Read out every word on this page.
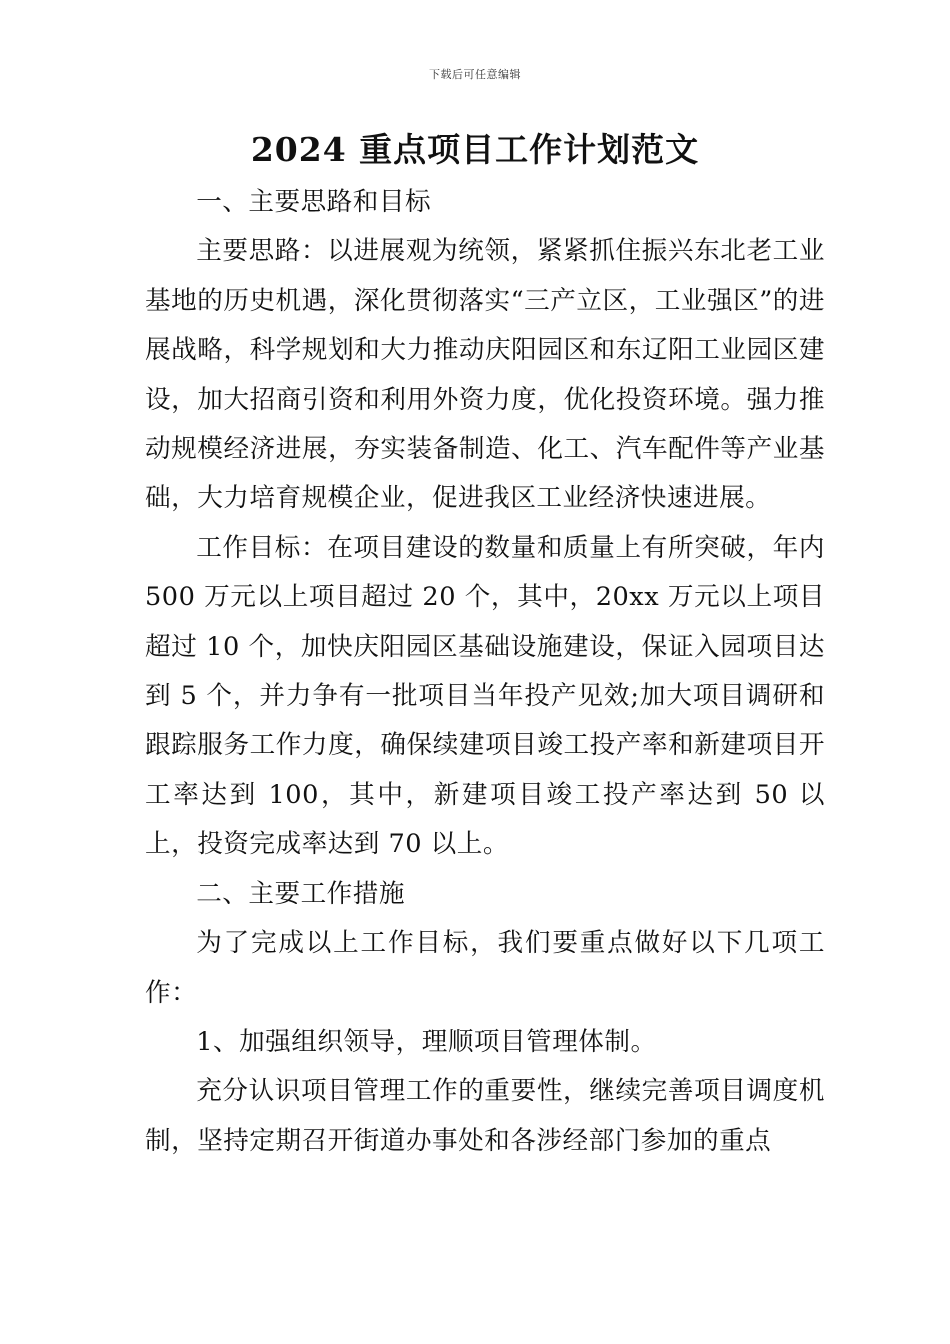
下载后可任意编辑
2024 重点项目工作计划范文

一、主要思路和目标

主要思路：以进展观为统领，紧紧抓住振兴东北老工业基地的历史机遇，深化贯彻落实“三产立区，工业强区”的进展战略，科学规划和大力推动庆阳园区和东辽阳工业园区建设，加大招商引资和利用外资力度，优化投资环境。强力推动规模经济进展，夯实装备制造、化工、汽车配件等产业基础，大力培育规模企业，促进我区工业经济快速进展。

工作目标：在项目建设的数量和质量上有所突破，年内 500 万元以上项目超过 20 个，其中，20xx 万元以上项目超过 10 个，加快庆阳园区基础设施建设，保证入园项目达到 5 个，并力争有一批项目当年投产见效;加大项目调研和跟踪服务工作力度，确保续建项目竣工投产率和新建项目开工率达到 100，其中，新建项目竣工投产率达到 50 以上，投资完成率达到 70 以上。

二、主要工作措施

为了完成以上工作目标，我们要重点做好以下几项工作：

1、加强组织领导，理顺项目管理体制。

充分认识项目管理工作的重要性，继续完善项目调度机制，坚持定期召开街道办事处和各涉经部门参加的重点
